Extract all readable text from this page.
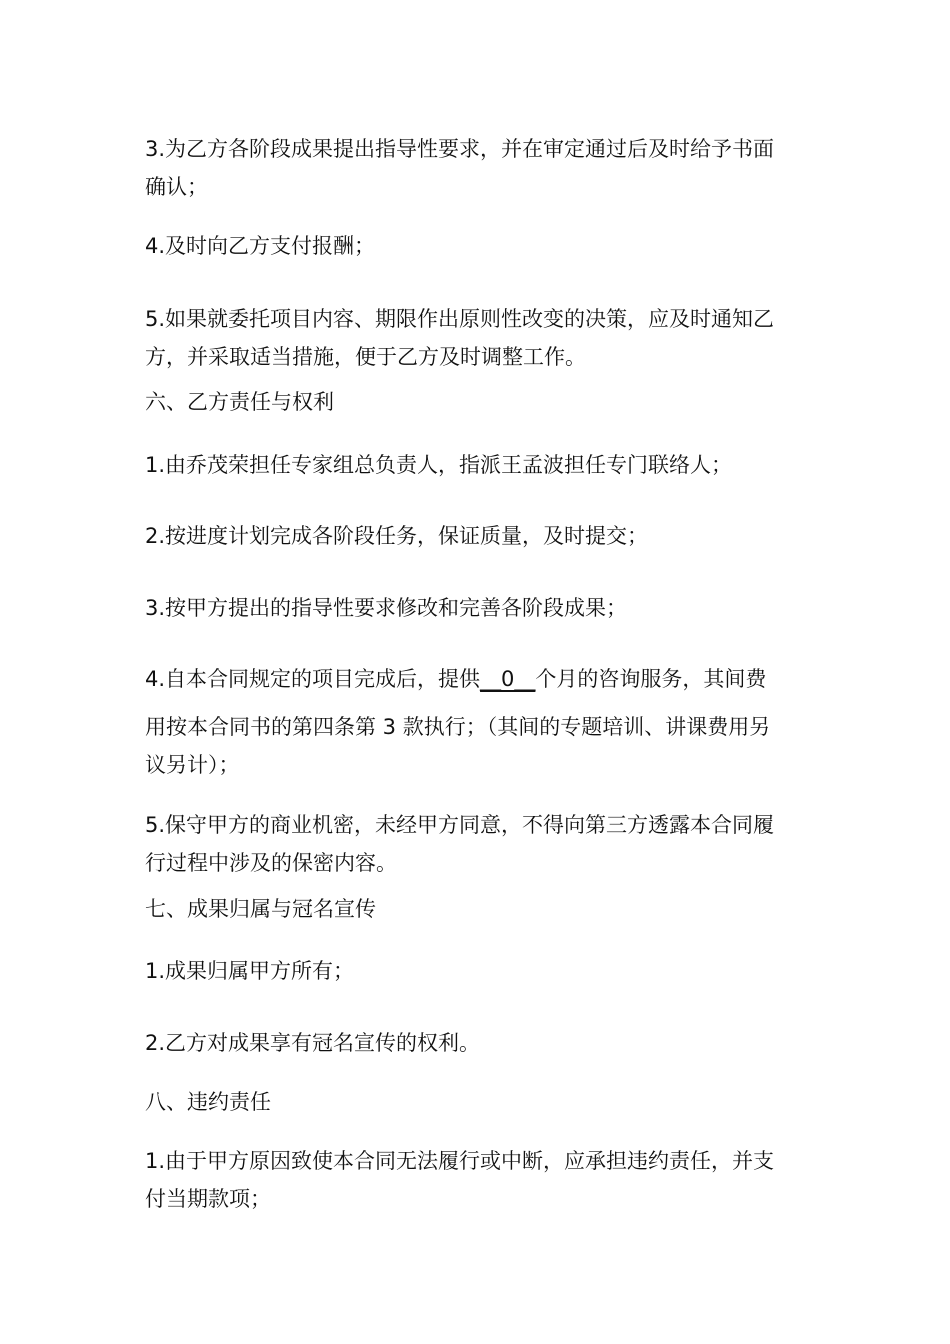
3.为乙方各阶段成果提出指导性要求，并在审定通过后及时给予书面
确认；

4.及时向乙方支付报酬；

5.如果就委托项目内容、期限作出原则性改变的决策，应及时通知乙
方，并采取适当措施，便于乙方及时调整工作。

六、乙方责任与权利

1.由乔茂荣担任专家组总负责人，指派王孟波担任专门联络人；

2.按进度计划完成各阶段任务，保证质量，及时提交；

3.按甲方提出的指导性要求修改和完善各阶段成果；

4.自本合同规定的项目完成后，提供__0__个月的咨询服务，其间费

用按本合同书的第四条第 3 款执行；（其间的专题培训、讲课费用另
议另计）；

5.保守甲方的商业机密，未经甲方同意，不得向第三方透露本合同履
行过程中涉及的保密内容。

七、成果归属与冠名宣传

1.成果归属甲方所有；

2.乙方对成果享有冠名宣传的权利。

八、违约责任

1.由于甲方原因致使本合同无法履行或中断，应承担违约责任，并支
付当期款项；
